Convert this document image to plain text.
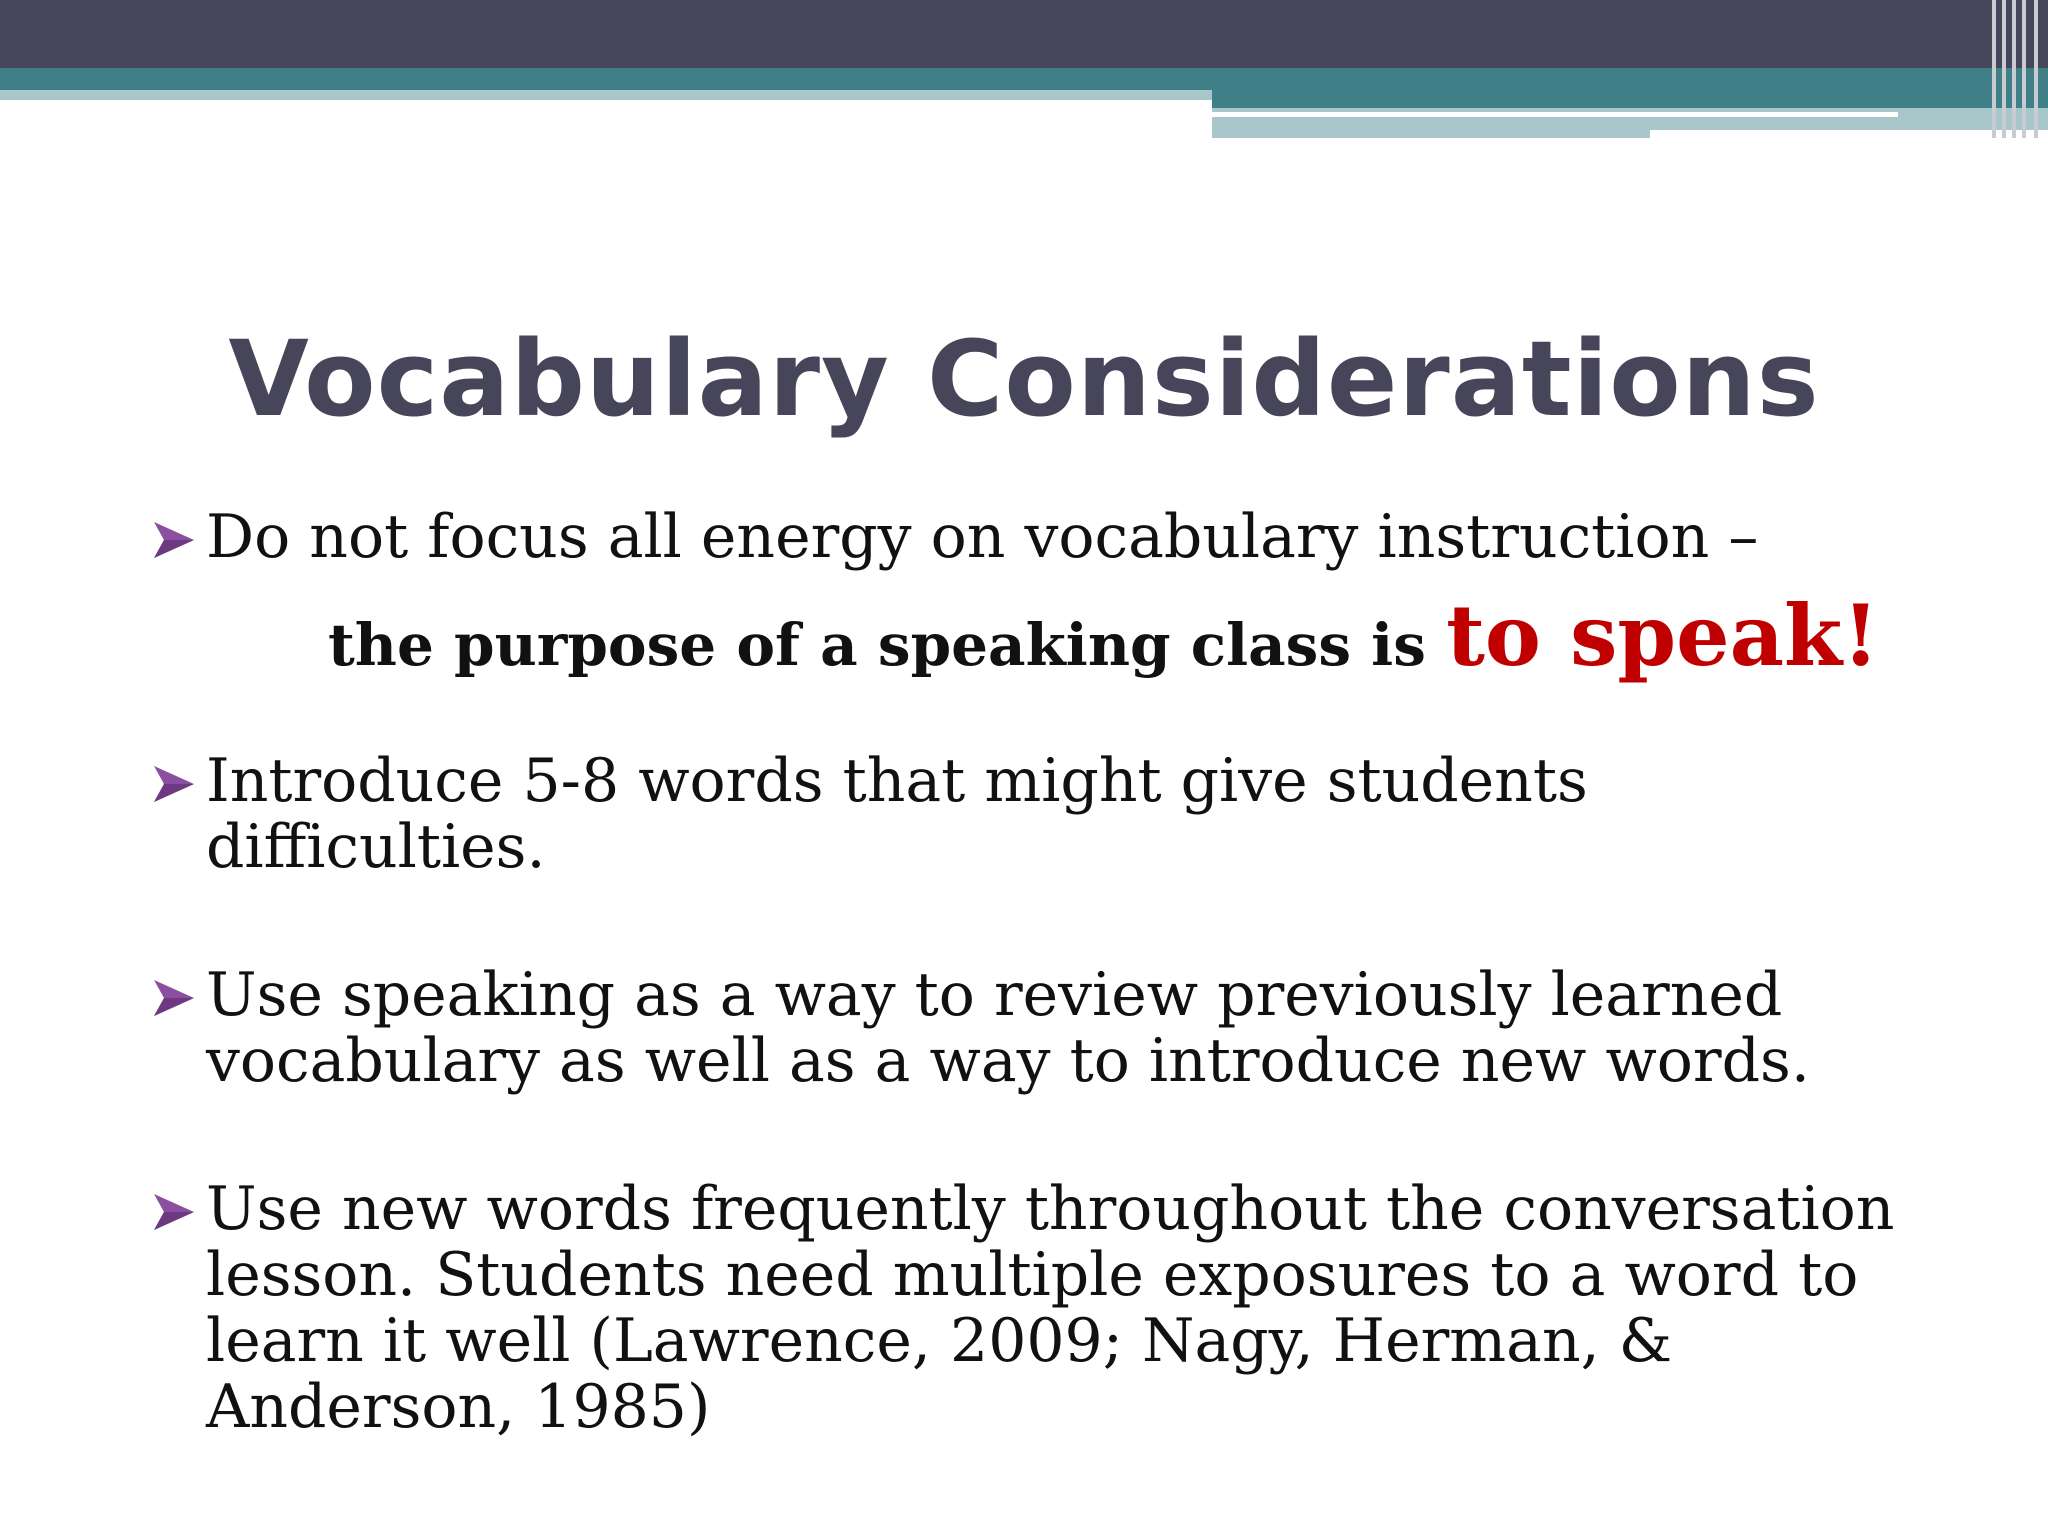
Vocabulary Considerations
Do not focus all energy on vocabulary instruction –
the purpose of a speaking class is to speak!
Introduce 5-8 words that might give students difficulties.
Use speaking as a way to review previously learned vocabulary as well as a way to introduce new words.
Use new words frequently throughout the conversation lesson. Students need multiple exposures to a word to learn it well (Lawrence, 2009; Nagy, Herman, & Anderson, 1985)
